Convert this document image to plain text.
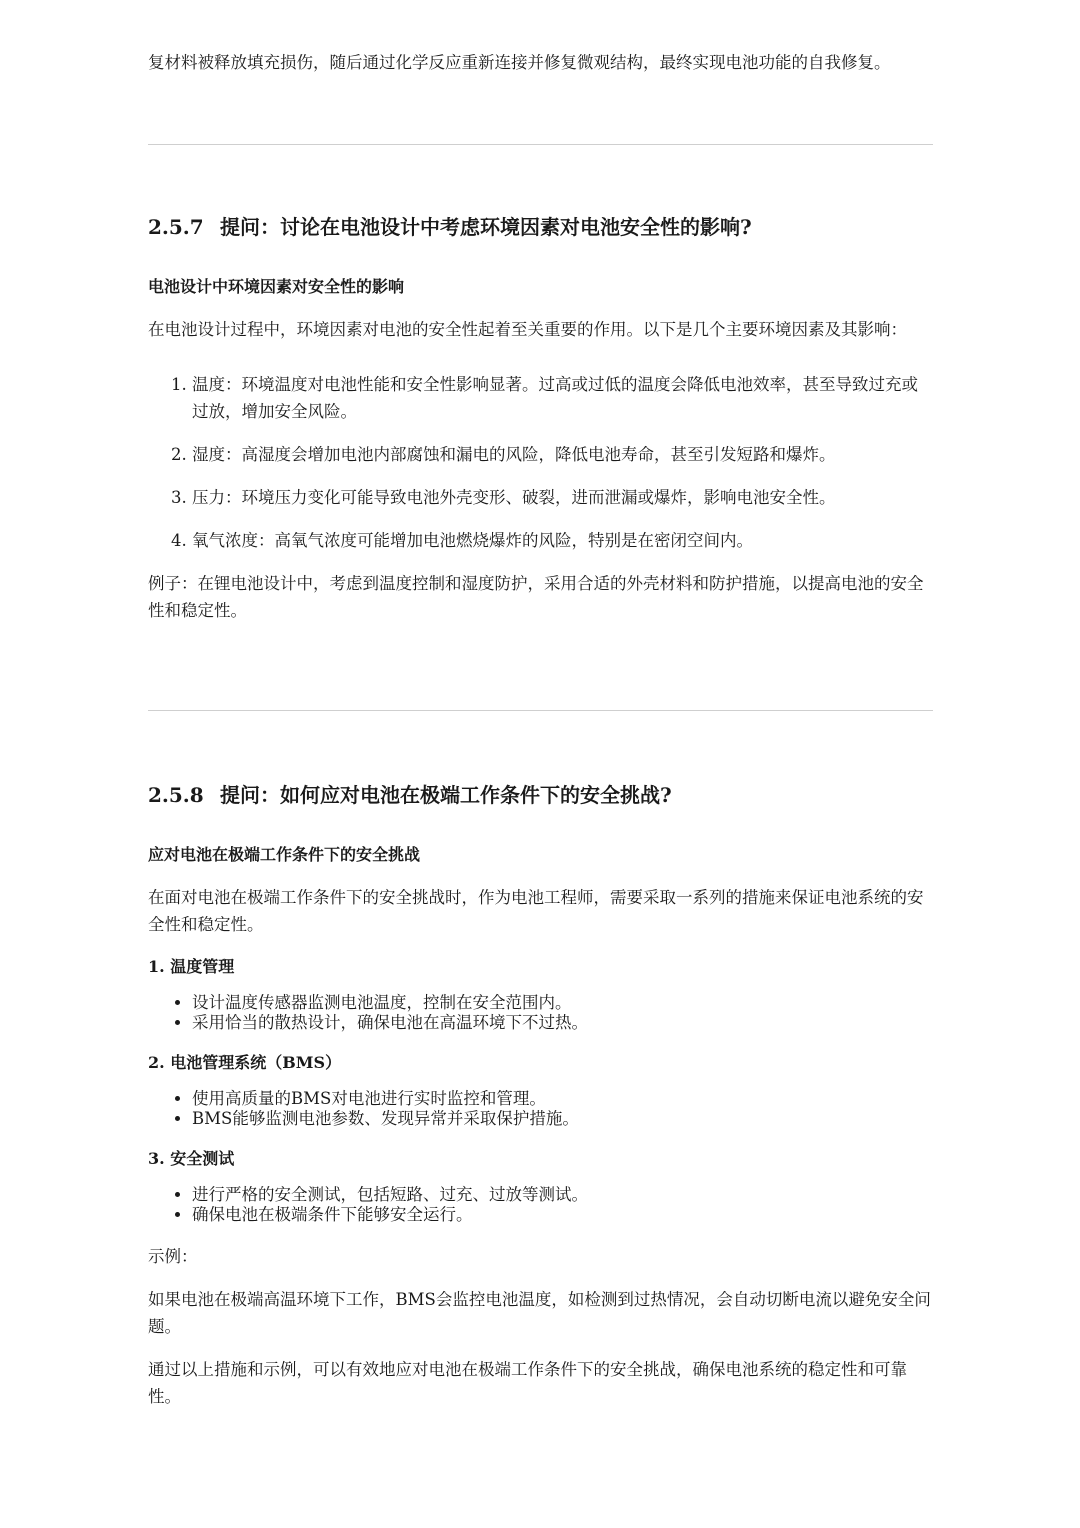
复材料被释放填充损伤，随后通过化学反应重新连接并修复微观结构，最终实现电池功能的自我修复。

2.5.7 提问：讨论在电池设计中考虑环境因素对电池安全性的影响?

电池设计中环境因素对安全性的影响

在电池设计过程中，环境因素对电池的安全性起着至关重要的作用。以下是几个主要环境因素及其影响：

1. 温度：环境温度对电池性能和安全性影响显著。过高或过低的温度会降低电池效率，甚至导致过充或过放，增加安全风险。
2. 湿度：高湿度会增加电池内部腐蚀和漏电的风险，降低电池寿命，甚至引发短路和爆炸。
3. 压力：环境压力变化可能导致电池外壳变形、破裂，进而泄漏或爆炸，影响电池安全性。
4. 氧气浓度：高氧气浓度可能增加电池燃烧爆炸的风险，特别是在密闭空间内。

例子：在锂电池设计中，考虑到温度控制和湿度防护，采用合适的外壳材料和防护措施，以提高电池的安全性和稳定性。

2.5.8 提问：如何应对电池在极端工作条件下的安全挑战?

应对电池在极端工作条件下的安全挑战

在面对电池在极端工作条件下的安全挑战时，作为电池工程师，需要采取一系列的措施来保证电池系统的安全性和稳定性。

1. 温度管理

• 设计温度传感器监测电池温度，控制在安全范围内。
• 采用恰当的散热设计，确保电池在高温环境下不过热。

2. 电池管理系统（BMS）

• 使用高质量的BMS对电池进行实时监控和管理。
• BMS能够监测电池参数、发现异常并采取保护措施。

3. 安全测试

• 进行严格的安全测试，包括短路、过充、过放等测试。
• 确保电池在极端条件下能够安全运行。

示例：

如果电池在极端高温环境下工作，BMS会监控电池温度，如检测到过热情况，会自动切断电流以避免安全问题。

通过以上措施和示例，可以有效地应对电池在极端工作条件下的安全挑战，确保电池系统的稳定性和可靠性。
